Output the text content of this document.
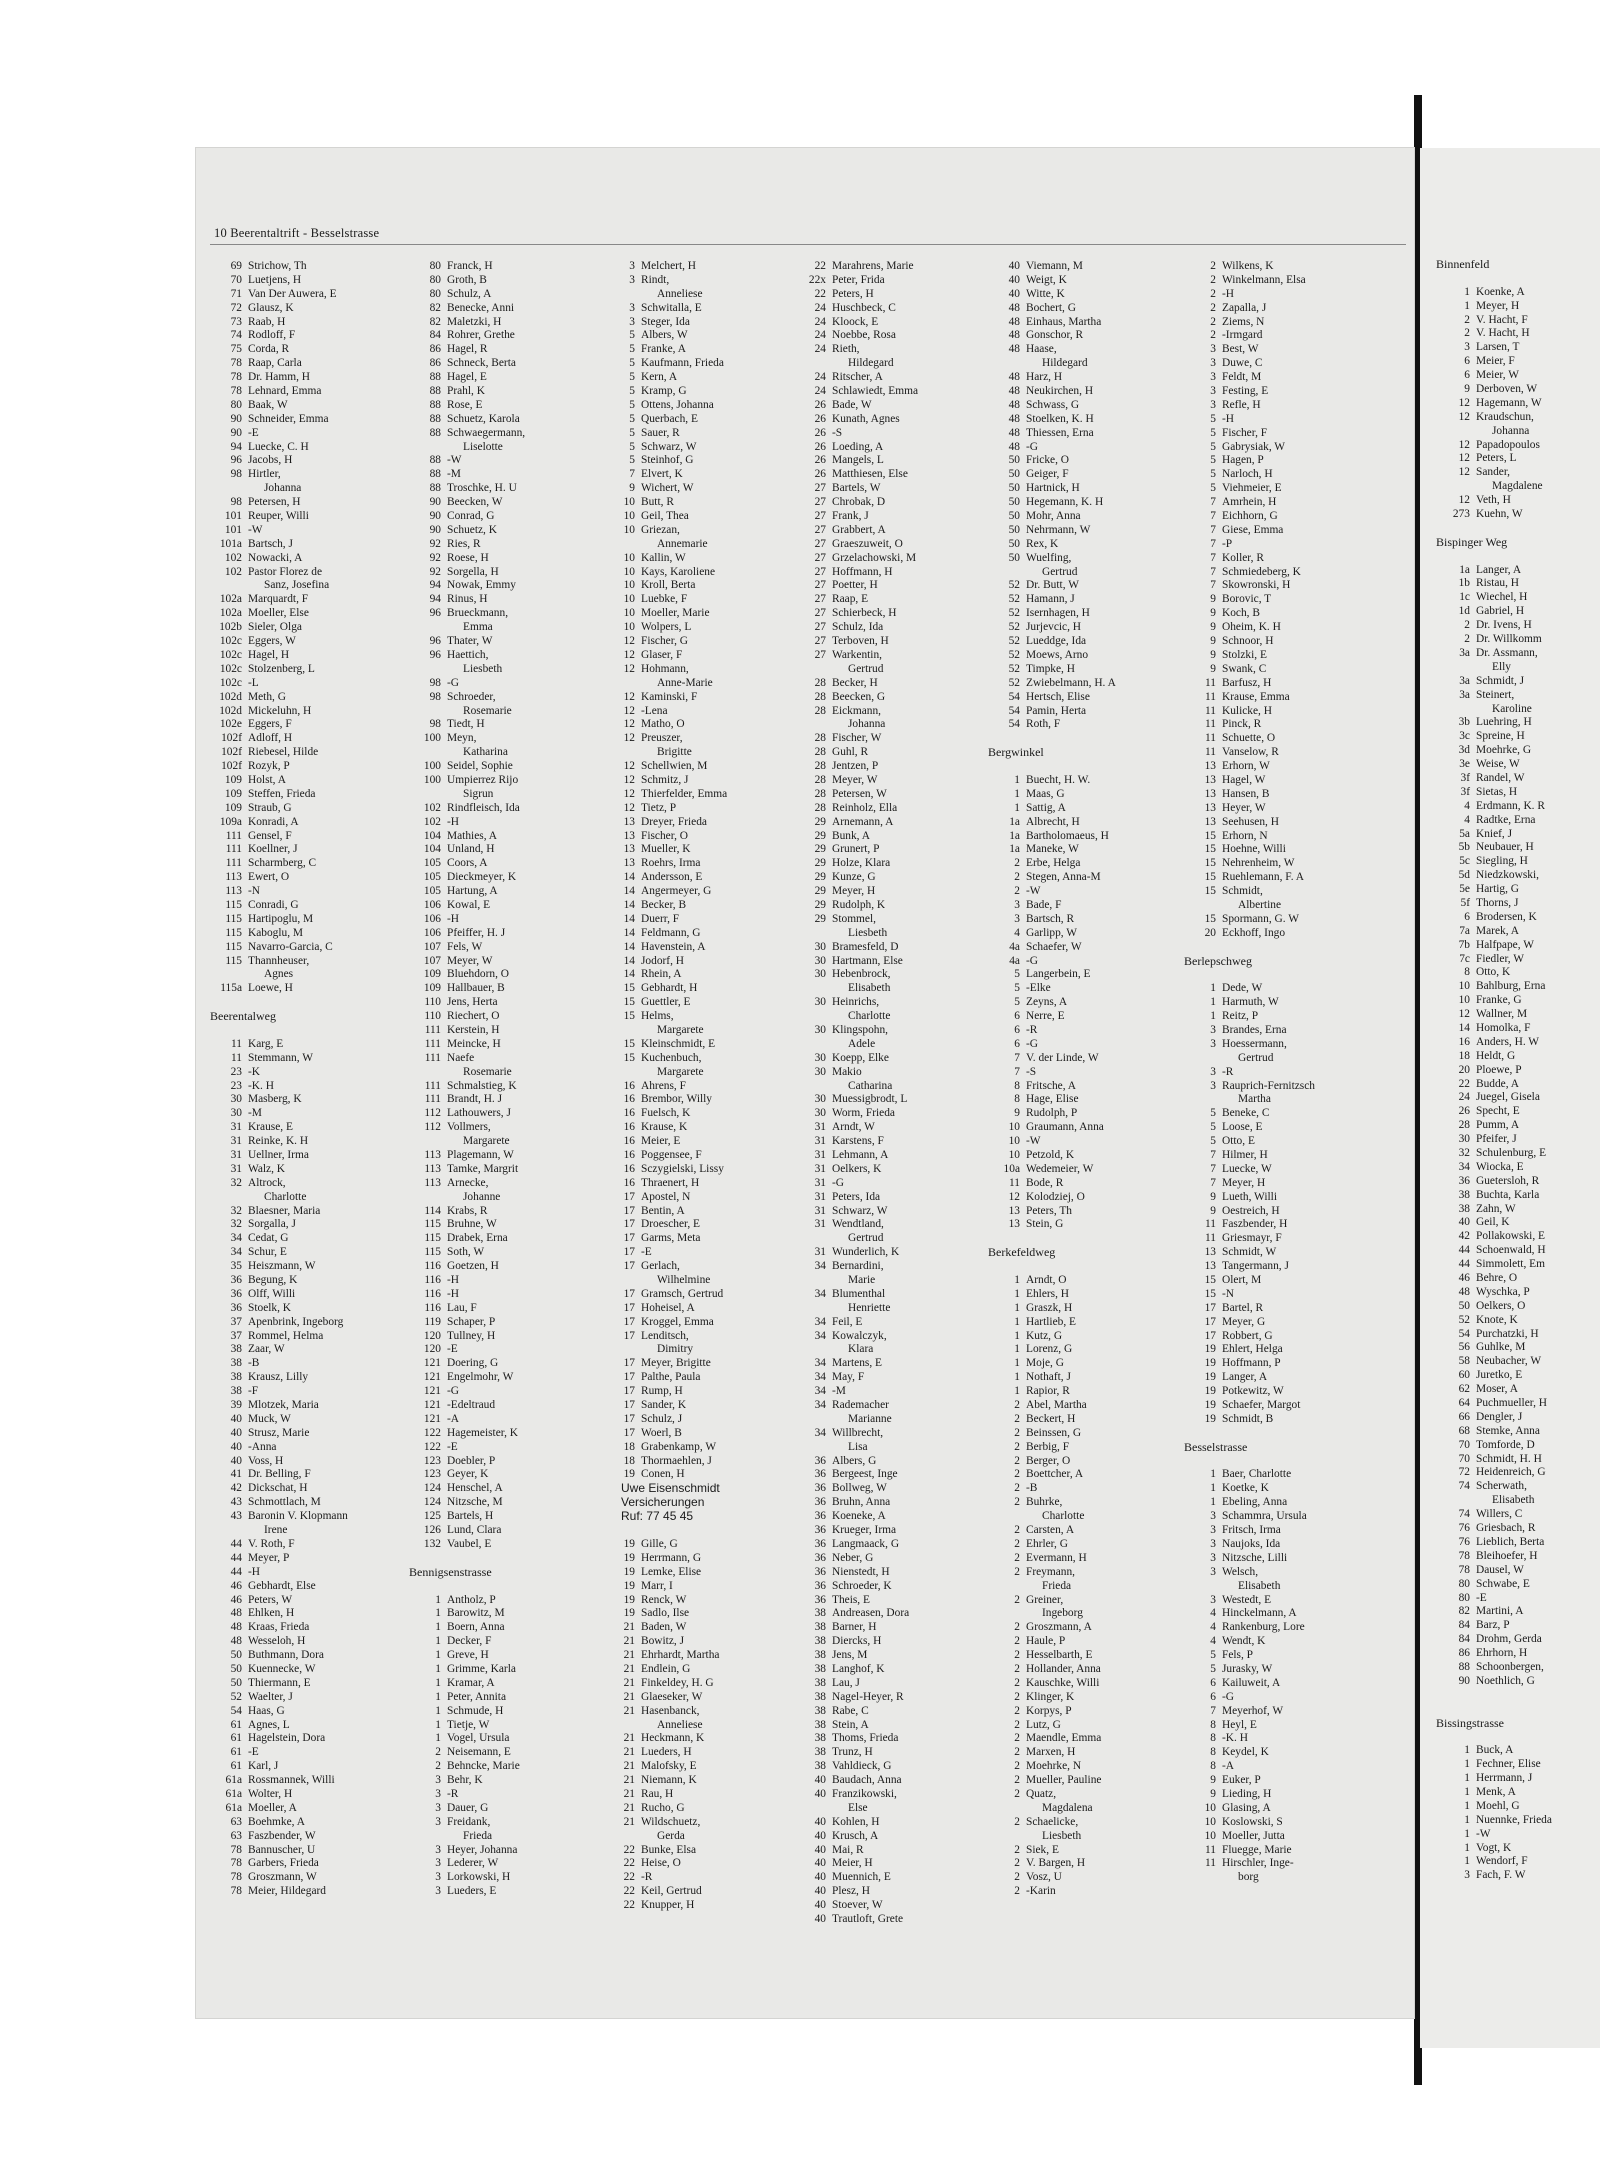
10 Beerentaltrift - Besselstrasse
69 Strichow, Th
70 Luetjens, H
71 Van Der Auwera, E
72 Glausz, K
73 Raab, H
74 Rodloff, F
75 Corda, R
78 Raap, Carla
78 Dr. Hamm, H
78 Lehnard, Emma
80 Baak, W
90 Schneider, Emma
90 -E
94 Luecke, C. H
96 Jacobs, H
98 Hirtler,
Johanna
98 Petersen, H
101 Reuper, Willi
101 -W
101a Bartsch, J
102 Nowacki, A
102 Pastor Florez de
Sanz, Josefina
102a Marquardt, F
102a Moeller, Else
102b Sieler, Olga
102c Eggers, W
102c Hagel, H
102c Stolzenberg, L
102c -L
102d Meth, G
102d Mickeluhn, H
102e Eggers, F
102f Adloff, H
102f Riebesel, Hilde
102f Rozyk, P
109 Holst, A
109 Steffen, Frieda
109 Straub, G
109a Konradi, A
111 Gensel, F
111 Koellner, J
111 Scharmberg, C
113 Ewert, O
113 -N
115 Conradi, G
115 Hartipoglu, M
115 Kaboglu, M
115 Navarro-Garcia, C
115 Thannheuser,
Agnes
115a Loewe, H
Beerentalweg
11 Karg, E
11 Stemmann, W
23 -K
23 -K. H
30 Masberg, K
30 -M
31 Krause, E
31 Reinke, K. H
31 Uellner, Irma
31 Walz, K
32 Altrock,
Charlotte
32 Blaesner, Maria
32 Sorgalla, J
34 Cedat, G
34 Schur, E
35 Heiszmann, W
36 Begung, K
36 Olff, Willi
36 Stoelk, K
37 Apenbrink, Ingeborg
37 Rommel, Helma
38 Zaar, W
38 -B
38 Krausz, Lilly
38 -F
39 Mlotzek, Maria
40 Muck, W
40 Strusz, Marie
40 -Anna
40 Voss, H
41 Dr. Belling, F
42 Dickschat, H
43 Schmottlach, M
43 Baronin V. Klopmann
Irene
44 V. Roth, F
44 Meyer, P
44 -H
46 Gebhardt, Else
46 Peters, W
48 Ehlken, H
48 Kraas, Frieda
48 Wesseloh, H
50 Buthmann, Dora
50 Kuennecke, W
50 Thiermann, E
52 Waelter, J
54 Haas, G
61 Agnes, L
61 Hagelstein, Dora
61 -E
61 Karl, J
61a Rossmannek, Willi
61a Wolter, H
61a Moeller, A
63 Boehmke, A
63 Faszbender, W
78 Bannuscher, U
78 Garbers, Frieda
78 Groszmann, W
78 Meier, Hildegard
80 Franck, H
80 Groth, B
80 Schulz, A
82 Benecke, Anni
82 Maletzki, H
84 Rohrer, Grethe
86 Hagel, R
86 Schneck, Berta
88 Hagel, E
88 Prahl, K
88 Rose, E
88 Schuetz, Karola
88 Schwaegermann,
Liselotte
88 -W
88 -M
88 Troschke, H. U
90 Beecken, W
90 Conrad, G
90 Schuetz, K
92 Ries, R
92 Roese, H
92 Sorgella, H
94 Nowak, Emmy
94 Rinus, H
96 Brueckmann,
Emma
96 Thater, W
96 Haettich,
Liesbeth
98 -G
98 Schroeder,
Rosemarie
98 Tiedt, H
100 Meyn,
Katharina
100 Seidel, Sophie
100 Umpierrez Rijo
Sigrun
102 Rindfleisch, Ida
102 -H
104 Mathies, A
104 Unland, H
105 Coors, A
105 Dieckmeyer, K
105 Hartung, A
106 Kowal, E
106 -H
106 Pfeiffer, H. J
107 Fels, W
107 Meyer, W
109 Bluehdorn, O
109 Hallbauer, B
110 Jens, Herta
110 Riechert, O
111 Kerstein, H
111 Meincke, H
111 Naefe
Rosemarie
111 Schmalstieg, K
111 Brandt, H. J
112 Lathouwers, J
112 Vollmers,
Margarete
113 Plagemann, W
113 Tamke, Margrit
113 Arnecke,
Johanne
114 Krabs, R
115 Bruhne, W
115 Drabek, Erna
115 Soth, W
116 Goetzen, H
116 -H
116 -H
116 Lau, F
119 Schaper, P
120 Tullney, H
120 -E
121 Doering, G
121 Engelmohr, W
121 -G
121 -Edeltraud
121 -A
122 Hagemeister, K
122 -E
123 Doebler, P
123 Geyer, K
124 Henschel, A
124 Nitzsche, M
125 Bartels, H
126 Lund, Clara
132 Vaubel, E
Bennigsenstrasse
1 Antholz, P
1 Barowitz, M
1 Boern, Anna
1 Decker, F
1 Greve, H
1 Grimme, Karla
1 Kramar, A
1 Peter, Annita
1 Schmude, H
1 Tietje, W
1 Vogel, Ursula
2 Neisemann, E
2 Behncke, Marie
3 Behr, K
3 -R
3 Dauer, G
3 Freidank,
Frieda
3 Heyer, Johanna
3 Lederer, W
3 Lorkowski, H
3 Lueders, E
3 Melchert, H
3 Rindt,
Anneliese
3 Schwitalla, E
3 Steger, Ida
5 Albers, W
5 Franke, A
5 Kaufmann, Frieda
5 Kern, A
5 Kramp, G
5 Ottens, Johanna
5 Querbach, E
5 Sauer, R
5 Schwarz, W
5 Steinhof, G
7 Elvert, K
9 Wichert, W
10 Butt, R
10 Geil, Thea
10 Griezan,
Annemarie
10 Kallin, W
10 Kays, Karoliene
10 Kroll, Berta
10 Luebke, F
10 Moeller, Marie
10 Wolpers, L
12 Fischer, G
12 Glaser, F
12 Hohmann,
Anne-Marie
12 Kaminski, F
12 -Lena
12 Matho, O
12 Preuszer,
Brigitte
12 Schellwien, M
12 Schmitz, J
12 Thierfelder, Emma
12 Tietz, P
13 Dreyer, Frieda
13 Fischer, O
13 Mueller, K
13 Roehrs, Irma
14 Andersson, E
14 Angermeyer, G
14 Becker, B
14 Duerr, F
14 Feldmann, G
14 Havenstein, A
14 Jodorf, H
14 Rhein, A
15 Gebhardt, H
15 Guettler, E
15 Helms,
Margarete
15 Kleinschmidt, E
15 Kuchenbuch,
Margarete
16 Ahrens, F
16 Brembor, Willy
16 Fuelsch, K
16 Krause, K
16 Meier, E
16 Poggensee, F
16 Sczygielski, Lissy
16 Thraenert, H
17 Apostel, N
17 Bentin, A
17 Droescher, E
17 Garms, Meta
17 -E
17 Gerlach,
Wilhelmine
17 Gramsch, Gertrud
17 Hoheisel, A
17 Kroggel, Emma
17 Lenditsch,
Dimitry
17 Meyer, Brigitte
17 Palthe, Paula
17 Rump, H
17 Sander, K
17 Schulz, J
17 Woerl, B
18 Grabenkamp, W
18 Thormaehlen, J
19 Conen, H
Uwe Eisenschmidt
Versicherungen
Ruf: 77 45 45
19 Gille, G
19 Herrmann, G
19 Lemke, Elise
19 Marr, I
19 Renck, W
19 Sadlo, Ilse
21 Baden, W
21 Bowitz, J
21 Ehrhardt, Martha
21 Endlein, G
21 Finkeldey, H. G
21 Glaeseker, W
21 Hasenbanck,
Anneliese
21 Heckmann, K
21 Lueders, H
21 Malofsky, E
21 Niemann, K
21 Rau, H
21 Rucho, G
21 Wildschuetz,
Gerda
22 Bunke, Elsa
22 Heise, O
22 -R
22 Keil, Gertrud
22 Knupper, H
22 Marahrens, Marie
22x Peter, Frida
22 Peters, H
24 Huschbeck, C
24 Kloock, E
24 Noebbe, Rosa
24 Rieth,
Hildegard
24 Ritscher, A
24 Schlawiedt, Emma
26 Bade, W
26 Kunath, Agnes
26 -S
26 Loeding, A
26 Mangels, L
26 Matthiesen, Else
27 Bartels, W
27 Chrobak, D
27 Frank, J
27 Grabbert, A
27 Graeszuweit, O
27 Grzelachowski, M
27 Hoffmann, H
27 Poetter, H
27 Raap, E
27 Schierbeck, H
27 Schulz, Ida
27 Terboven, H
27 Warkentin,
Gertrud
28 Becker, H
28 Beecken, G
28 Eickmann,
Johanna
28 Fischer, W
28 Guhl, R
28 Jentzen, P
28 Meyer, W
28 Petersen, W
28 Reinholz, Ella
29 Arnemann, A
29 Bunk, A
29 Grunert, P
29 Holze, Klara
29 Kunze, G
29 Meyer, H
29 Rudolph, K
29 Stommel,
Liesbeth
30 Bramesfeld, D
30 Hartmann, Else
30 Hebenbrock,
Elisabeth
30 Heinrichs,
Charlotte
30 Klingspohn,
Adele
30 Koepp, Elke
30 Makio
Catharina
30 Muessigbrodt, L
30 Worm, Frieda
31 Arndt, W
31 Karstens, F
31 Lehmann, A
31 Oelkers, K
31 -G
31 Peters, Ida
31 Schwarz, W
31 Wendtland,
Gertrud
31 Wunderlich, K
34 Bernardini,
Marie
34 Blumenthal
Henriette
34 Feil, E
34 Kowalczyk,
Klara
34 Martens, E
34 May, F
34 -M
34 Rademacher
Marianne
34 Willbrecht,
Lisa
36 Albers, G
36 Bergeest, Inge
36 Bollweg, W
36 Bruhn, Anna
36 Koeneke, A
36 Krueger, Irma
36 Langmaack, G
36 Neber, G
36 Nienstedt, H
36 Schroeder, K
36 Theis, E
38 Andreasen, Dora
38 Barner, H
38 Diercks, H
38 Jens, M
38 Langhof, K
38 Lau, J
38 Nagel-Heyer, R
38 Rabe, C
38 Stein, A
38 Thoms, Frieda
38 Trunz, H
38 Vahldieck, G
40 Baudach, Anna
40 Franzikowski,
Else
40 Kohlen, H
40 Krusch, A
40 Mai, R
40 Meier, H
40 Muennich, E
40 Plesz, H
40 Stoever, W
40 Trautloft, Grete
40 Viemann, M
40 Weigt, K
40 Witte, K
48 Bochert, G
48 Einhaus, Martha
48 Gonschor, R
48 Haase,
Hildegard
48 Harz, H
48 Neukirchen, H
48 Schwass, G
48 Stoelken, K. H
48 Thiessen, Erna
48 -G
50 Fricke, O
50 Geiger, F
50 Hartnick, H
50 Hegemann, K. H
50 Mohr, Anna
50 Nehrmann, W
50 Rex, K
50 Wuelfing,
Gertrud
52 Dr. Butt, W
52 Hamann, J
52 Isernhagen, H
52 Jurjevcic, H
52 Lueddge, Ida
52 Moews, Arno
52 Timpke, H
52 Zwiebelmann, H. A
54 Hertsch, Elise
54 Pamin, Herta
54 Roth, F
Bergwinkel
1 Buecht, H. W.
1 Maas, G
1 Sattig, A
1a Albrecht, H
1a Bartholomaeus, H
1a Maneke, W
2 Erbe, Helga
2 Stegen, Anna-M
2 -W
3 Bade, F
3 Bartsch, R
4 Garlipp, W
4a Schaefer, W
4a -G
5 Langerbein, E
5 -Elke
5 Zeyns, A
6 Nerre, E
6 -R
6 -G
7 V. der Linde, W
7 -S
8 Fritsche, A
8 Hage, Elise
9 Rudolph, P
10 Graumann, Anna
10 -W
10 Petzold, K
10a Wedemeier, W
11 Bode, R
12 Kolodziej, O
13 Peters, Th
13 Stein, G
Berkefeldweg
1 Arndt, O
1 Ehlers, H
1 Graszk, H
1 Hartlieb, E
1 Kutz, G
1 Lorenz, G
1 Moje, G
1 Nothaft, J
1 Rapior, R
2 Abel, Martha
2 Beckert, H
2 Beinssen, G
2 Berbig, F
2 Berger, O
2 Boettcher, A
2 -B
2 Buhrke,
Charlotte
2 Carsten, A
2 Ehrler, G
2 Evermann, H
2 Freymann,
Frieda
2 Greiner,
Ingeborg
2 Groszmann, A
2 Haule, P
2 Hesselbarth, E
2 Hollander, Anna
2 Kauschke, Willi
2 Klinger, K
2 Korpys, P
2 Lutz, G
2 Maendle, Emma
2 Marxen, H
2 Moehrke, N
2 Mueller, Pauline
2 Quatz,
Magdalena
2 Schaelicke,
Liesbeth
2 Siek, E
2 V. Bargen, H
2 Vosz, U
2 -Karin
2 Wilkens, K
2 Winkelmann, Elsa
2 -H
2 Zapalla, J
2 Ziems, N
2 -Irmgard
3 Best, W
3 Duwe, C
3 Feldt, M
3 Festing, E
3 Refle, H
5 -H
5 Fischer, F
5 Gabrysiak, W
5 Hagen, P
5 Narloch, H
5 Viehmeier, E
7 Amrhein, H
7 Eichhorn, G
7 Giese, Emma
7 -P
7 Koller, R
7 Schmiedeberg, K
7 Skowronski, H
9 Borovic, T
9 Koch, B
9 Oheim, K. H
9 Schnoor, H
9 Stolzki, E
9 Swank, C
11 Barfusz, H
11 Krause, Emma
11 Kulicke, H
11 Pinck, R
11 Schuette, O
11 Vanselow, R
13 Erhorn, W
13 Hagel, W
13 Hansen, B
13 Heyer, W
13 Seehusen, H
15 Erhorn, N
15 Hoehne, Willi
15 Nehrenheim, W
15 Ruehlemann, F. A
15 Schmidt,
Albertine
15 Spormann, G. W
20 Eckhoff, Ingo
Berlepschweg
1 Dede, W
1 Harmuth, W
1 Reitz, P
3 Brandes, Erna
3 Hoessermann,
Gertrud
3 -R
3 Rauprich-Fernitzsch
Martha
5 Beneke, C
5 Loose, E
5 Otto, E
7 Hilmer, H
7 Luecke, W
7 Meyer, H
9 Lueth, Willi
9 Oestreich, H
11 Faszbender, H
11 Griesmayr, F
13 Schmidt, W
13 Tangermann, J
15 Olert, M
15 -N
17 Bartel, R
17 Meyer, G
17 Robbert, G
19 Ehlert, Helga
19 Hoffmann, P
19 Langer, A
19 Potkewitz, W
19 Schaefer, Margot
19 Schmidt, B
Besselstrasse
1 Baer, Charlotte
1 Koetke, K
1 Ebeling, Anna
3 Schammra, Ursula
3 Fritsch, Irma
3 Naujoks, Ida
3 Nitzsche, Lilli
3 Welsch,
Elisabeth
3 Westedt, E
4 Hinckelmann, A
4 Rankenburg, Lore
4 Wendt, K
5 Fels, P
5 Jurasky, W
6 Kailuweit, A
6 -G
7 Meyerhof, W
8 Heyl, E
8 -K. H
8 Keydel, K
8 -A
9 Euker, P
9 Lieding, H
10 Glasing, A
10 Koslowski, S
10 Moeller, Jutta
11 Fluegge, Marie
11 Hirschler, Inge-
borg
Binnenfeld
1 Koenke, A
1 Meyer, H
2 V. Hacht, F
2 V. Hacht, H
3 Larsen, T
6 Meier, F
6 Meier, W
9 Derboven, W
12 Hagemann, W
12 Kraudschun,
Johanna
12 Papadopoulos
12 Peters, L
12 Sander,
Magdalene
12 Veth, H
273 Kuehn, W
Bispinger Weg
1a Langer, A
1b Ristau, H
1c Wiechel, H
1d Gabriel, H
2 Dr. Ivens, H
2 Dr. Willkomm
3a Dr. Assmann,
Elly
3a Schmidt, J
3a Steinert,
Karoline
3b Luehring, H
3c Spreine, H
3d Moehrke, G
3e Weise, W
3f Randel, W
3f Sietas, H
4 Erdmann, K. R
4 Radtke, Erna
5a Knief, J
5b Neubauer, H
5c Siegling, H
5d Niedzkowski,
5e Hartig, G
5f Thorns, J
6 Brodersen, K
7a Marek, A
7b Halfpape, W
7c Fiedler, W
8 Otto, K
10 Bahlburg, Erna
10 Franke, G
12 Wallner, M
14 Homolka, F
16 Anders, H. W
18 Heldt, G
20 Ploewe, P
22 Budde, A
24 Juegel, Gisela
26 Specht, E
28 Pumm, A
30 Pfeifer, J
32 Schulenburg, E
34 Wiocka, E
36 Guetersloh, R
38 Buchta, Karla
38 Zahn, W
40 Geil, K
42 Pollakowski, E
44 Schoenwald, H
44 Simmolett, Em
46 Behre, O
48 Wyschka, P
50 Oelkers, O
52 Knote, K
54 Purchatzki, H
56 Guhlke, M
58 Neubacher, W
60 Juretko, E
62 Moser, A
64 Puchmueller, H
66 Dengler, J
68 Stemke, Anna
70 Tomforde, D
70 Schmidt, H. H
72 Heidenreich, G
74 Scherwath,
Elisabeth
74 Willers, C
76 Griesbach, R
76 Lieblich, Berta
78 Bleihoefer, H
78 Dausel, W
80 Schwabe, E
80 -E
82 Martini, A
84 Barz, P
84 Drohm, Gerda
86 Ehrhorn, H
88 Schoonbergen,
90 Noethlich, G
Bissingstrasse
1 Buck, A
1 Fechner, Elise
1 Herrmann, J
1 Menk, A
1 Moehl, G
1 Nuennke, Frieda
1 -W
1 Vogt, K
1 Wendorf, F
3 Fach, F. W
